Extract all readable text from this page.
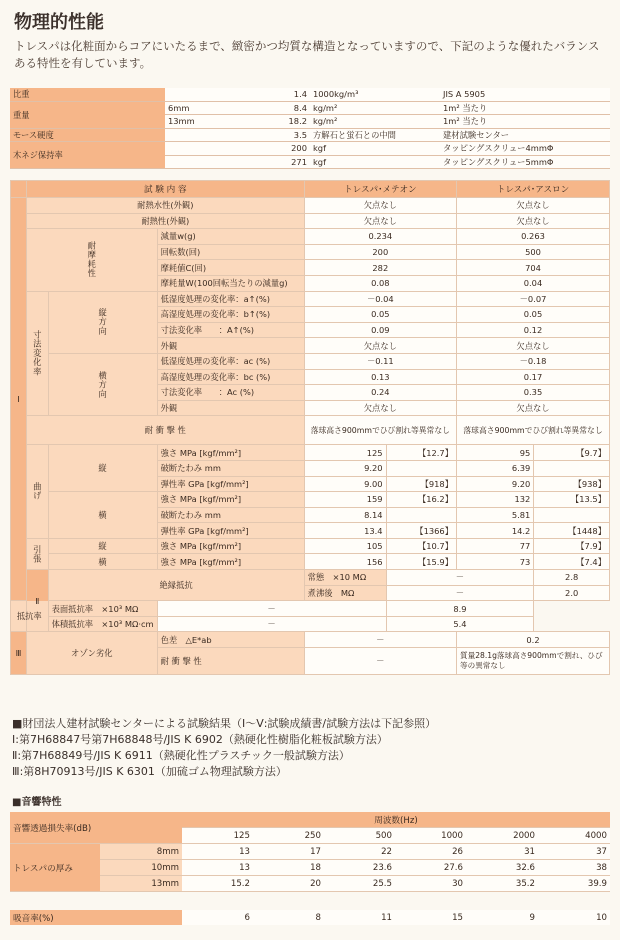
物理的性能
トレスパは化粧面からコアにいたるまで、緻密かつ均質な構造となっていますので、下記のような優れたバランスある特性を有しています。
比重		1.4	1000kg/m³	JIS A 5905
重量	6mm	8.4	kg/m²	1m² 当たり
	13mm	18.2	kg/m²	1m² 当たり
モース硬度		3.5	方解石と蛍石との中間	建材試験センター
木ネジ保持率		200	kgf	タッピングスクリュー4mmΦ
		271	kgf	タッピングスクリュー5mmΦ
	試 験 内 容			トレスパ･メテオン		トレスパ･アスロン	
Ⅰ	耐熱水性(外観)			欠点なし		欠点なし	
	耐熱性(外観)			欠点なし		欠点なし	
	耐摩耗性		減量w(g)	0.234		0.263	
			回転数(回)	200		500	
			摩耗値C(回)	282		704	
			摩耗量W(100回転当たりの減量g)	0.08		0.04	
	寸法変化率	縦方向	低湿度処理の変化率：a↑(%)	－0.04		－0.07	
			高湿度処理の変化率：b↑(%)	0.05		0.05	
			寸法変化率　　：A↑(%)	0.09		0.12	
			外観	欠点なし		欠点なし	
		横方向	低湿度処理の変化率：ac (%)	－0.11		－0.18	
			高湿度処理の変化率：bc (%)	0.13		0.17	
			寸法変化率　　：Ac (%)	0.24		0.35	
			外観	欠点なし		欠点なし	
	耐 衝 撃 性			落球高さ900mmでひび割れ等異常なし		落球高さ900mmでひび割れ等異常なし	
	曲げ	縦	強さ MPa [kgf/mm²]	125	【12.7】	95	【9.7】
			破断たわみ mm	9.20		6.39	
			弾性率 GPa [kgf/mm²]	9.00	【918】	9.20	【938】
		横	強さ MPa [kgf/mm²]	159	【16.2】	132	【13.5】
			破断たわみ mm	8.14		5.81	
			弾性率 GPa [kgf/mm²]	13.4	【1366】	14.2	【1448】
	引張	縦	強さ MPa [kgf/mm²]	105	【10.7】	77	【7.9】
		横	強さ MPa [kgf/mm²]	156	【15.9】	73	【7.4】
	Ⅱ	絶縁抵抗		常態　×10 MΩ	－		2.8
				煮沸後　MΩ	－		2.0
抵抗率		表面抵抗率　×10³ MΩ	－		8.9		
		体積抵抗率　×10³ MΩ·cm	－		5.4		
Ⅲ	オゾン劣化		色差　△E*ab	－		0.2	
			耐 衝 撃 性	－		質量28.1g落球高さ900mmで割れ、ひび等の異常なし	
■財団法人建材試験センターによる試験結果（Ⅰ〜Ⅴ:試験成績書/試験方法は下記参照）
Ⅰ:第7H68847号第7H68848号/JIS K 6902（熱硬化性樹脂化粧板試験方法）
Ⅱ:第7H68849号/JIS K 6911（熱硬化性プラスチック一般試験方法）
Ⅲ:第8H70913号/JIS K 6301（加硫ゴム物理試験方法）
■音響特性
音響透過損失率(dB)		周波数(Hz)					
		125	250	500	1000	2000	4000
トレスパの厚み	8mm	13	17	22	26	31	37
	10mm	13	18	23.6	27.6	32.6	38
	13mm	15.2	20	25.5	30	35.2	39.9
吸音率(%)	6	8	11	15	9	10
